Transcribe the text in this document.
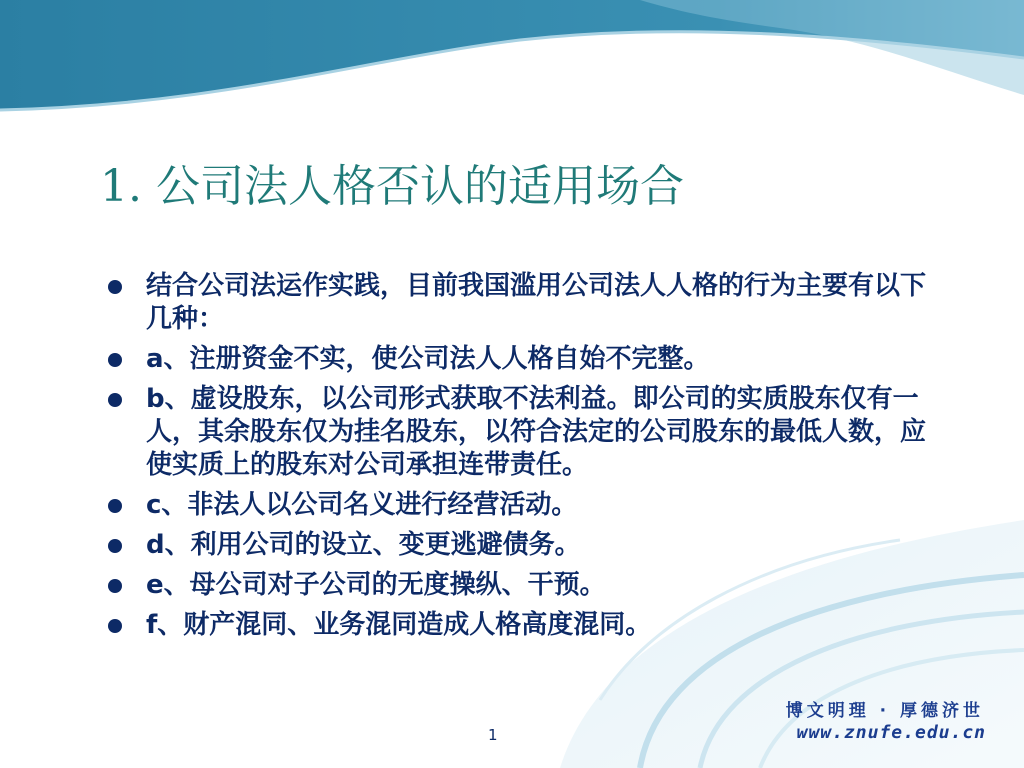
1. 公司法人格否认的适用场合
结合公司法运作实践，目前我国滥用公司法人人格的行为主要有以下几种：
a、注册资金不实，使公司法人人格自始不完整。
b、虚设股东，以公司形式获取不法利益。即公司的实质股东仅有一人，其余股东仅为挂名股东，以符合法定的公司股东的最低人数，应使实质上的股东对公司承担连带责任。
c、非法人以公司名义进行经营活动。
d、利用公司的设立、变更逃避债务。
e、母公司对子公司的无度操纵、干预。
f、财产混同、业务混同造成人格高度混同。
博文明理 · 厚德济世
www.znufe.edu.cn
1
